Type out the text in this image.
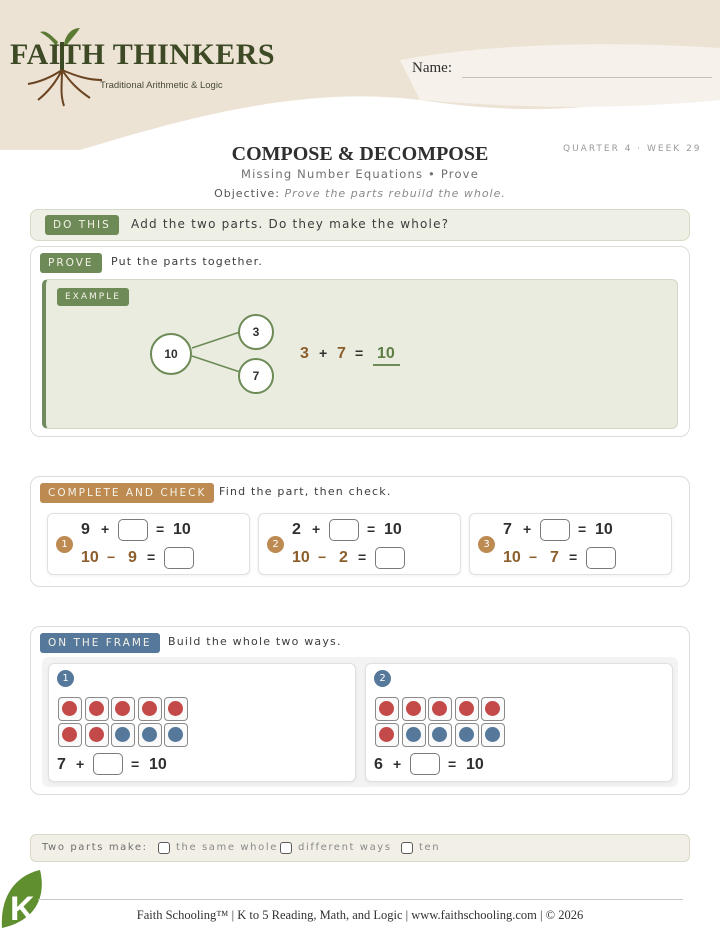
FAITH THINKERS
Traditional Arithmetic & Logic
Name:
QUARTER 4 · WEEK 29
COMPOSE & DECOMPOSE
Missing Number Equations • Prove
Objective: Prove the parts rebuild the whole.
DO THIS	Add the two parts. Do they make the whole?
PROVE	Put the parts together.
EXAMPLE
10
3
7
3 + 7 = 10
COMPLETE AND CHECK	Find the part, then check.
1
9 +	= 10
10 − 9 =
2
2 +	= 10
10 − 2 =
3
7 +	= 10
10 − 7 =
ON THE FRAME	Build the whole two ways.
1
7 +	= 10
2
6 +	= 10
Two parts make:	the same whole different ways	ten
K	Faith Schooling™ | K to 5 Reading, Math, and Logic | www.faithschooling.com | © 2026
